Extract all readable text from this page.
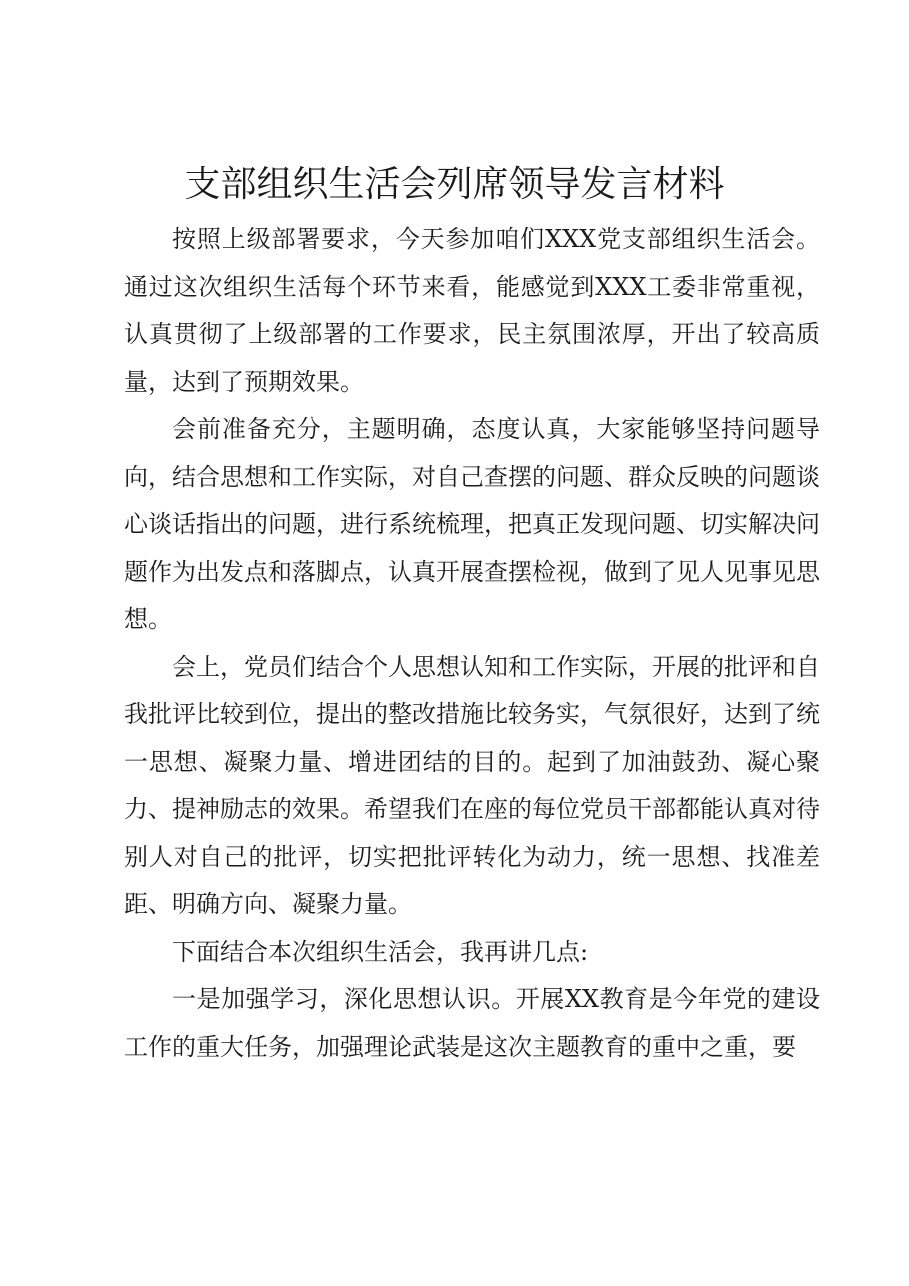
支部组织生活会列席领导发言材料

按照上级部署要求，今天参加咱们XXX党支部组织生活会。通过这次组织生活每个环节来看，能感觉到XXX工委非常重视，认真贯彻了上级部署的工作要求，民主氛围浓厚，开出了较高质量，达到了预期效果。

会前准备充分，主题明确，态度认真，大家能够坚持问题导向，结合思想和工作实际，对自己查摆的问题、群众反映的问题谈心谈话指出的问题，进行系统梳理，把真正发现问题、切实解决问题作为出发点和落脚点，认真开展查摆检视，做到了见人见事见思想。

会上，党员们结合个人思想认知和工作实际，开展的批评和自我批评比较到位，提出的整改措施比较务实，气氛很好，达到了统一思想、凝聚力量、增进团结的目的。起到了加油鼓劲、凝心聚力、提神励志的效果。希望我们在座的每位党员干部都能认真对待别人对自己的批评，切实把批评转化为动力，统一思想、找准差距、明确方向、凝聚力量。

下面结合本次组织生活会，我再讲几点:

一是加强学习，深化思想认识。开展XX教育是今年党的建设工作的重大任务，加强理论武装是这次主题教育的重中之重，要
